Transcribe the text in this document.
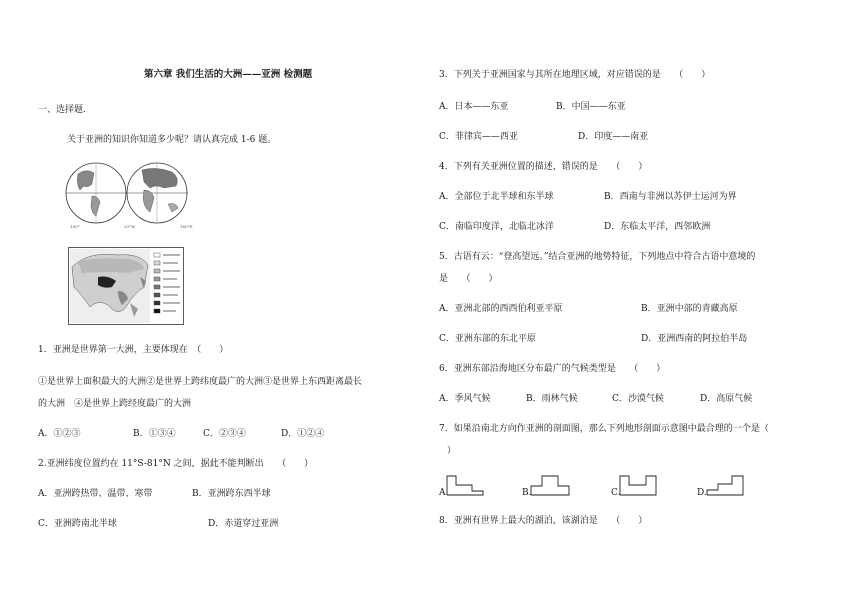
第六章 我们生活的大洲——亚洲 检测题
一、选择题.
关于亚洲的知识你知道多少呢？请认真完成 1-6 题。
180°	20°W	160°E
1．亚洲是世界第一大洲，主要体现在　（　　）
①是世界上面积最大的大洲②是世界上跨纬度最广的大洲③是世界上东西距离最长
的大洲　④是世界上跨经度最广的大洲
A．①②③	B．①③④	C．②③④	D．①②④
2.亚洲纬度位置约在 11°S-81°N 之间，据此不能判断出　　（　　）
A．亚洲跨热带、温带、寒带	B．亚洲跨东西半球
C．亚洲跨南北半球	D．赤道穿过亚洲
3．下列关于亚洲国家与其所在地理区域，对应错误的是　　（　　）
A．日本——东亚	B．中国——东亚
C．菲律宾——西亚	D．印度——南亚
4．下列有关亚洲位置的描述，错误的是　　（　　）
A．全部位于北半球和东半球	B．西南与非洲以苏伊士运河为界
C．南临印度洋，北临北冰洋	D．东临太平洋，西邻欧洲
5．古语有云：“登高望远。”结合亚洲的地势特征，下列地点中符合古语中意境的
是　　（　　）
A．亚洲北部的西西伯利亚平原	B．亚洲中部的青藏高原
C．亚洲东部的东北平原	D．亚洲西南的阿拉伯半岛
6．亚洲东部沿海地区分布最广的气候类型是　　（　　）
A．季风气候	B．雨林气候	C．沙漠气候	D．高原气候
7．如果沿南北方向作亚洲的剖面图，那么下列地形剖面示意图中最合理的一个是（
）
A.	B.	C.	D.
8．亚洲有世界上最大的湖泊，该湖泊是　　（　　）
